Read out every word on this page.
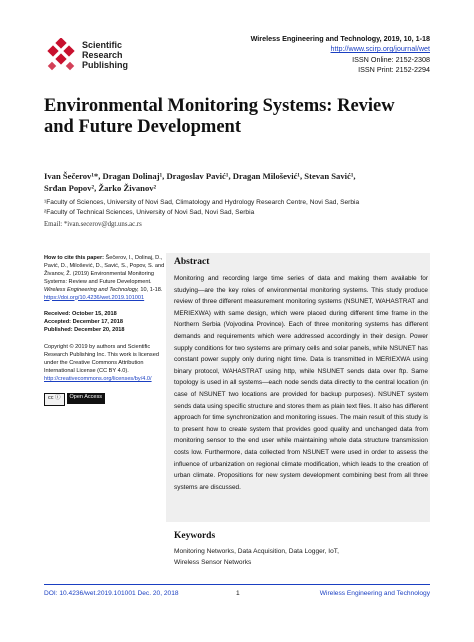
Scientific
Research
Publishing
Wireless Engineering and Technology, 2019, 10, 1-18
http://www.scirp.org/journal/wet
ISSN Online: 2152-2308
ISSN Print: 2152-2294
Environmental Monitoring Systems: Review
and Future Development
Ivan Šečerov¹*, Dragan Dolinaj¹, Dragoslav Pavić¹, Dragan Milošević¹, Stevan Savić¹,
Srđan Popov², Žarko Živanov²
¹Faculty of Sciences, University of Novi Sad, Climatology and Hydrology Research Centre, Novi Sad, Serbia
²Faculty of Technical Sciences, University of Novi Sad, Novi Sad, Serbia
Email: *ivan.secerov@dgt.uns.ac.rs

How to cite this paper: Šečerov, I., Dolinaj, D., Pavić, D., Milošević, D., Savić, S., Popov, S. and Živanov, Ž. (2019) Environmental Monitoring Systems: Review and Future Development. Wireless Engineering and Technology, 10, 1-18.
https://doi.org/10.4236/wet.2019.101001

Received: October 15, 2018
Accepted: December 17, 2018
Published: December 20, 2018

Copyright © 2019 by authors and Scientific Research Publishing Inc. This work is licensed under the Creative Commons Attribution International License (CC BY 4.0).
http://creativecommons.org/licenses/by/4.0/

cc ⓘ	Open Access
Abstract
Monitoring and recording large time series of data and making them available for studying—are the key roles of environmental monitoring systems. This study produce review of three different measurement monitoring systems (NSUNET, WAHASTRAT and MERIEXWA) with same design, which were placed during different time frame in the Northern Serbia (Vojvodina Province). Each of three monitoring systems has different demands and requirements which were addressed accordingly in their design. Power supply conditions for two systems are primary cells and solar panels, while NSUNET has constant power supply only during night time. Data is transmitted in MERIEXWA using binary protocol, WAHASTRAT using http, while NSUNET sends data over ftp. Same topology is used in all systems—each node sends data directly to the central location (in case of NSUNET two locations are provided for backup purposes). NSUNET system sends data using specific structure and stores them as plain text files. It also has different approach for time synchronization and monitoring issues. The main result of this study is to present how to create system that provides good quality and unchanged data from monitoring sensor to the end user while maintaining whole data structure transmission costs low. Furthermore, data collected from NSUNET were used in order to assess the influence of urbanization on regional climate modification, which leads to the creation of urban climate. Propositions for new system development combining best from all three systems are discussed.
Keywords
Monitoring Networks, Data Acquisition, Data Logger, IoT,
Wireless Sensor Networks
DOI: 10.4236/wet.2019.101001 Dec. 20, 2018	1	Wireless Engineering and Technology
